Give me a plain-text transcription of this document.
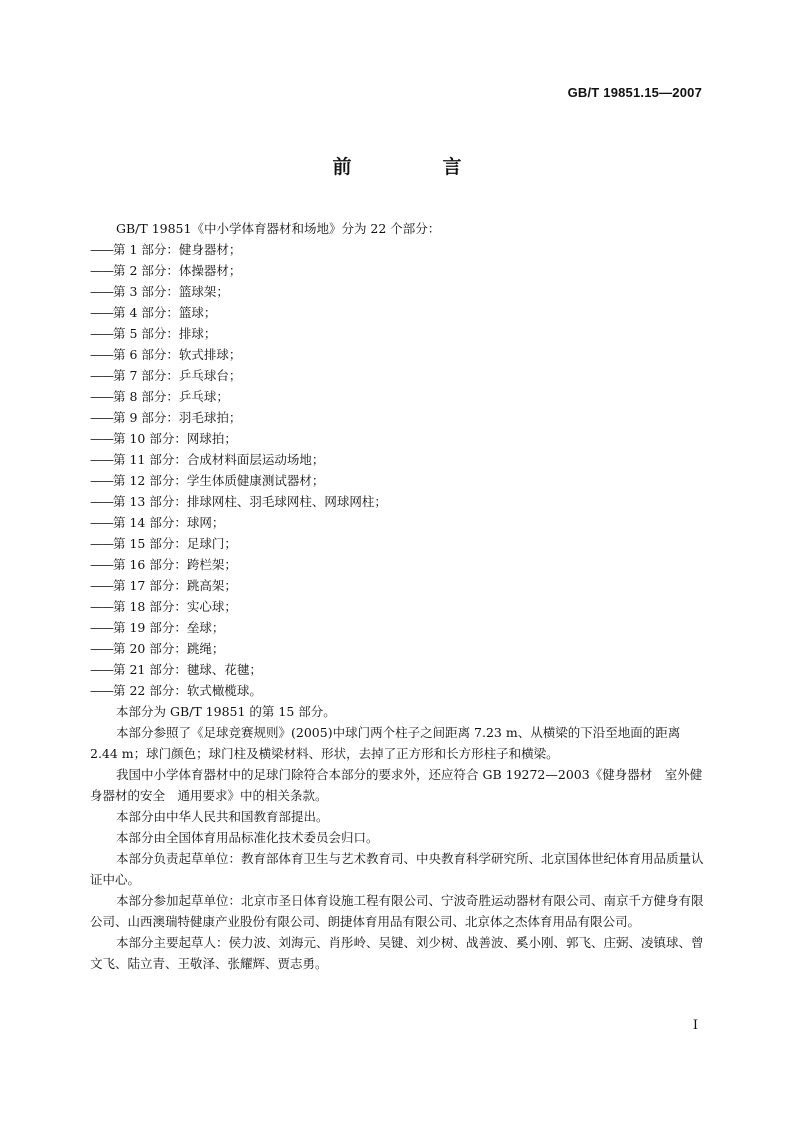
GB/T 19851.15—2007
前　言

GB/T 19851《中小学体育器材和场地》分为 22 个部分：

——第 1 部分：健身器材；

——第 2 部分：体操器材；

——第 3 部分：篮球架；

——第 4 部分：篮球；

——第 5 部分：排球；

——第 6 部分：软式排球；

——第 7 部分：乒乓球台；

——第 8 部分：乒乓球；

——第 9 部分：羽毛球拍；

——第 10 部分：网球拍；

——第 11 部分：合成材料面层运动场地；

——第 12 部分：学生体质健康测试器材；

——第 13 部分：排球网柱、羽毛球网柱、网球网柱；

——第 14 部分：球网；

——第 15 部分：足球门；

——第 16 部分：跨栏架；

——第 17 部分：跳高架；

——第 18 部分：实心球；

——第 19 部分：垒球；

——第 20 部分：跳绳；

——第 21 部分：毽球、花毽；

——第 22 部分：软式橄榄球。

本部分为 GB/T 19851 的第 15 部分。

本部分参照了《足球竞赛规则》(2005)中球门两个柱子之间距离 7.23 m、从横梁的下沿至地面的距离 2.44 m；球门颜色；球门柱及横梁材料、形状，去掉了正方形和长方形柱子和横梁。

我国中小学体育器材中的足球门除符合本部分的要求外，还应符合 GB 19272—2003《健身器材　室外健身器材的安全　通用要求》中的相关条款。

本部分由中华人民共和国教育部提出。

本部分由全国体育用品标准化技术委员会归口。

本部分负责起草单位：教育部体育卫生与艺术教育司、中央教育科学研究所、北京国体世纪体育用品质量认证中心。

本部分参加起草单位：北京市圣日体育设施工程有限公司、宁波奇胜运动器材有限公司、南京千方健身有限公司、山西澳瑞特健康产业股份有限公司、朗捷体育用品有限公司、北京体之杰体育用品有限公司。

本部分主要起草人：侯力波、刘海元、肖彤岭、吴键、刘少树、战善波、奚小刚、郭飞、庄弼、凌镇球、曾文飞、陆立青、王敬泽、张耀辉、贾志勇。

I
